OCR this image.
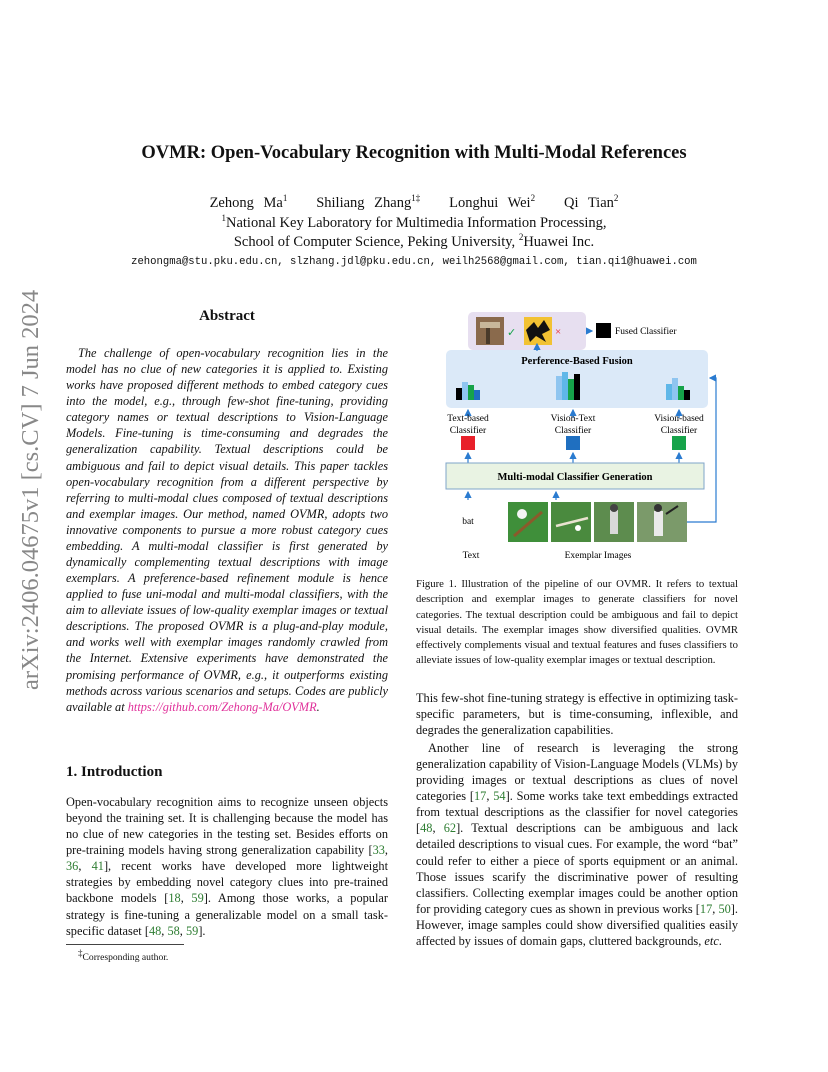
arXiv:2406.04675v1 [cs.CV] 7 Jun 2024
OVMR: Open-Vocabulary Recognition with Multi-Modal References
Zehong Ma$^1$ Shiliang Zhang$^{1\ddagger}$ Longhui Wei$^2$ Qi Tian$^2$
$^1$National Key Laboratory for Multimedia Information Processing,
School of Computer Science, Peking University, $^2$Huawei Inc.
zehongma@stu.pku.edu.cn, slzhang.jdl@pku.edu.cn, weilh2568@gmail.com, tian.qi1@huawei.com
Abstract
The challenge of open-vocabulary recognition lies in the model has no clue of new categories it is applied to. Existing works have proposed different methods to embed category cues into the model, e.g., through few-shot fine-tuning, providing category names or textual descriptions to Vision-Language Models. Fine-tuning is time-consuming and degrades the generalization capability. Textual descriptions could be ambiguous and fail to depict visual details. This paper tackles open-vocabulary recognition from a different perspective by referring to multi-modal clues composed of textual descriptions and exemplar images. Our method, named OVMR, adopts two innovative components to pursue a more robust category cues embedding. A multi-modal classifier is first generated by dynamically complementing textual descriptions with image exemplars. A preference-based refinement module is hence applied to fuse uni-modal and multi-modal classifiers, with the aim to alleviate issues of low-quality exemplar images or textual descriptions. The proposed OVMR is a plug-and-play module, and works well with exemplar images randomly crawled from the Internet. Extensive experiments have demonstrated the promising performance of OVMR, e.g., it outperforms existing methods across various scenarios and setups. Codes are publicly available at https://github.com/Zehong-Ma/OVMR.
1. Introduction
Open-vocabulary recognition aims to recognize unseen objects beyond the training set. It is challenging because the model has no clue of new categories in the testing set. Besides efforts on pre-training models having strong generalization capability [33, 36, 41], recent works have developed more lightweight strategies by embedding novel category clues into pre-trained backbone models [18, 59]. Among those works, a popular strategy is fine-tuning a generalizable model on a small task-specific dataset [48, 58, 59].
‡Corresponding author.
✓	×	Fused Classifier
Perference-Based Fusion
Text-based
Classifier
Vision-Text
Classifier
Vision-based
Classifier
Multi-modal Classifier Generation
bat
Text	Exemplar Images
Figure 1. Illustration of the pipeline of our OVMR. It refers to textual description and exemplar images to generate classifiers for novel categories. The textual description could be ambiguous and fail to depict visual details. The exemplar images show diversified qualities. OVMR effectively complements visual and textual features and fuses classifiers to alleviate issues of low-quality exemplar images or textual description.
This few-shot fine-tuning strategy is effective in optimizing task-specific parameters, but is time-consuming, inflexible, and degrades the generalization capabilities.
Another line of research is leveraging the strong generalization capability of Vision-Language Models (VLMs) by providing images or textual descriptions as clues of novel categories [17, 54]. Some works take text embeddings extracted from textual descriptions as the classifier for novel categories [48, 62]. Textual descriptions can be ambiguous and lack detailed descriptions to visual cues. For example, the word “bat” could refer to either a piece of sports equipment or an animal. Those issues scarify the discriminative power of resulting classifiers. Collecting exemplar images could be another option for providing category cues as shown in previous works [17, 50]. However, image samples could show diversified qualities easily affected by issues of domain gaps, cluttered backgrounds, etc.
